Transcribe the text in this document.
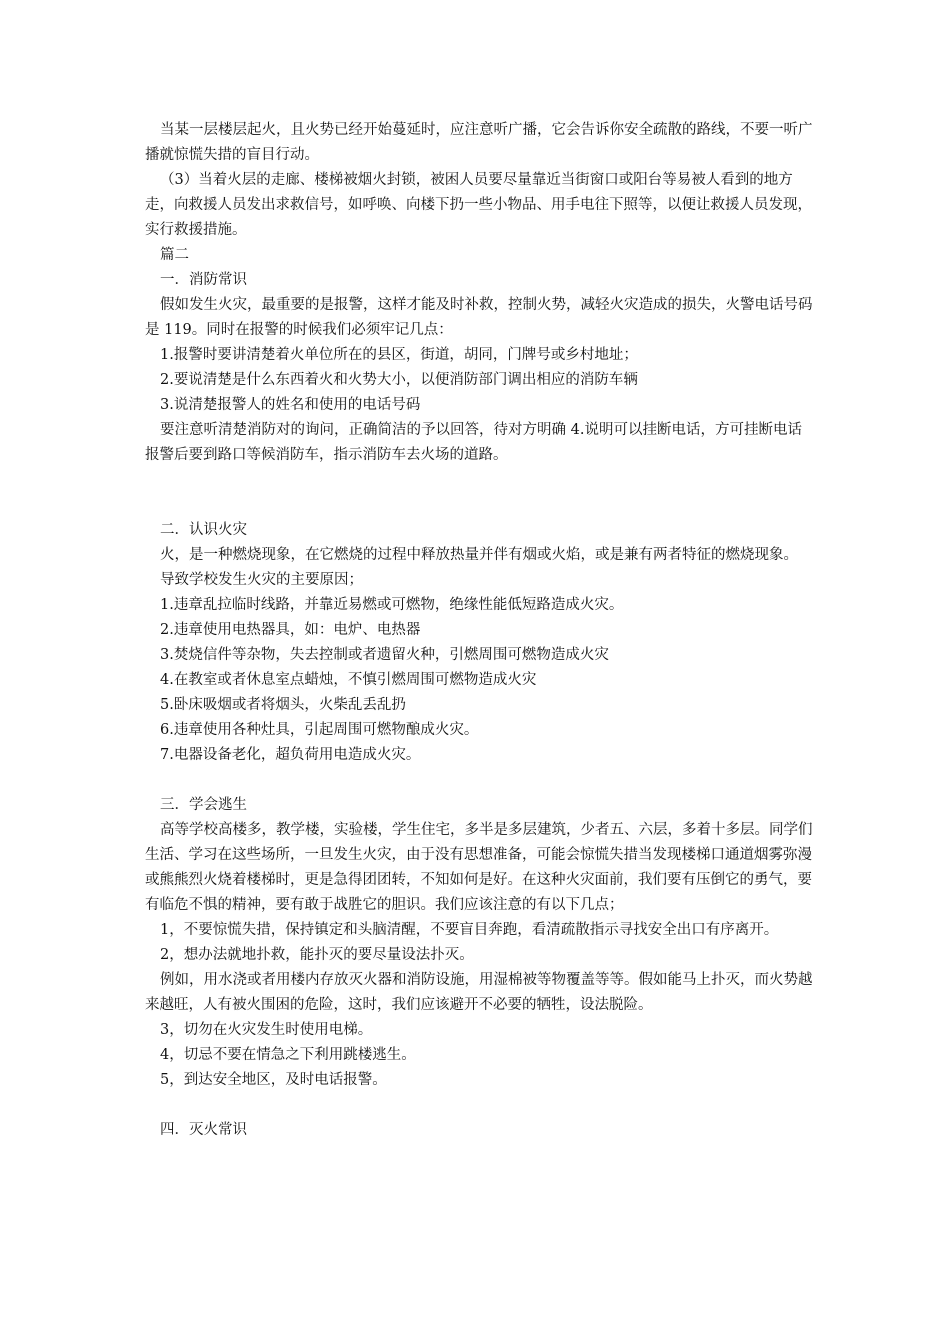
当某一层楼层起火，且火势已经开始蔓延时，应注意听广播，它会告诉你安全疏散的路线，不要一听广播就惊慌失措的盲目行动。

（3）当着火层的走廊、楼梯被烟火封锁，被困人员要尽量靠近当街窗口或阳台等易被人看到的地方走，向救援人员发出求救信号，如呼唤、向楼下扔一些小物品、用手电往下照等，以便让救援人员发现，实行救援措施。

篇二

一．消防常识

假如发生火灾，最重要的是报警，这样才能及时补救，控制火势，减轻火灾造成的损失，火警电话号码是 119。同时在报警的时候我们必须牢记几点：

1.报警时要讲清楚着火单位所在的县区，街道，胡同，门牌号或乡村地址；

2.要说清楚是什么东西着火和火势大小，以便消防部门调出相应的消防车辆

3.说清楚报警人的姓名和使用的电话号码

要注意听清楚消防对的询问，正确简洁的予以回答，待对方明确 4.说明可以挂断电话，方可挂断电话报警后要到路口等候消防车，指示消防车去火场的道路。

二．认识火灾

火，是一种燃烧现象，在它燃烧的过程中释放热量并伴有烟或火焰，或是兼有两者特征的燃烧现象。

导致学校发生火灾的主要原因；

1.违章乱拉临时线路，并靠近易燃或可燃物，绝缘性能低短路造成火灾。

2.违章使用电热器具，如：电炉、电热器

3.焚烧信件等杂物，失去控制或者遗留火种，引燃周围可燃物造成火灾

4.在教室或者休息室点蜡烛，不慎引燃周围可燃物造成火灾

5.卧床吸烟或者将烟头，火柴乱丢乱扔

6.违章使用各种灶具，引起周围可燃物酿成火灾。

7.电器设备老化，超负荷用电造成火灾。

三．学会逃生

高等学校高楼多，教学楼，实验楼，学生住宅，多半是多层建筑，少者五、六层，多着十多层。同学们生活、学习在这些场所，一旦发生火灾，由于没有思想准备，可能会惊慌失措当发现楼梯口通道烟雾弥漫或熊熊烈火烧着楼梯时，更是急得团团转，不知如何是好。在这种火灾面前，我们要有压倒它的勇气，要有临危不惧的精神，要有敢于战胜它的胆识。我们应该注意的有以下几点；

1，不要惊慌失措，保持镇定和头脑清醒，不要盲目奔跑，看清疏散指示寻找安全出口有序离开。

2，想办法就地扑救，能扑灭的要尽量设法扑灭。

例如，用水浇或者用楼内存放灭火器和消防设施，用湿棉被等物覆盖等等。假如能马上扑灭，而火势越来越旺，人有被火围困的危险，这时，我们应该避开不必要的牺牲，设法脱险。

3，切勿在火灾发生时使用电梯。

4，切忌不要在情急之下利用跳楼逃生。

5，到达安全地区，及时电话报警。

四．灭火常识
